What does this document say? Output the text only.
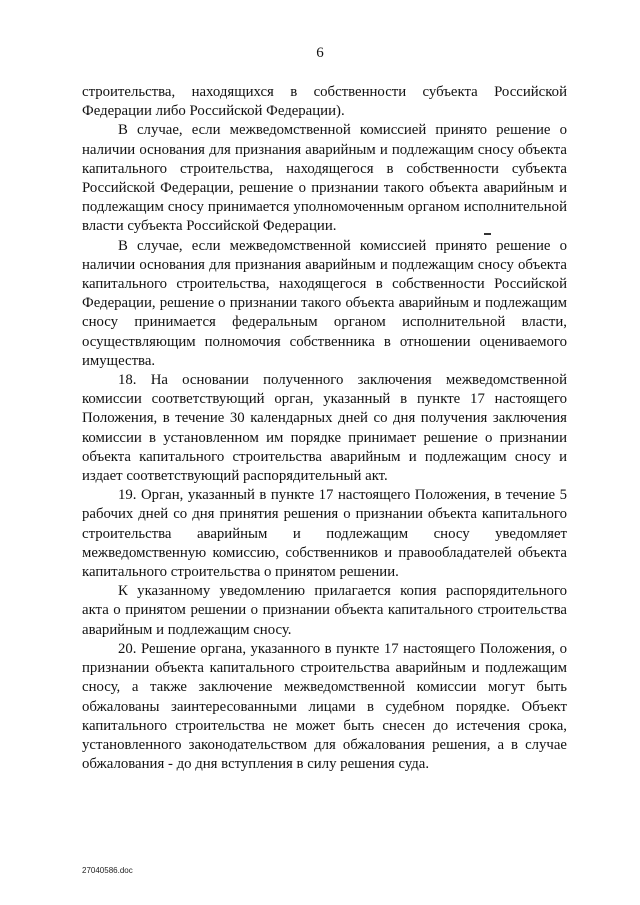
6

строительства, находящихся в собственности субъекта Российской Федерации либо Российской Федерации).

В случае, если межведомственной комиссией принято решение о наличии основания для признания аварийным и подлежащим сносу объекта капитального строительства, находящегося в собственности субъекта Российской Федерации, решение о признании такого объекта аварийным и подлежащим сносу принимается уполномоченным органом исполнительной власти субъекта Российской Федерации.

В случае, если межведомственной комиссией принято решение о наличии основания для признания аварийным и подлежащим сносу объекта капитального строительства, находящегося в собственности Российской Федерации, решение о признании такого объекта аварийным и подлежащим сносу принимается федеральным органом исполнительной власти, осуществляющим полномочия собственника в отношении оцениваемого имущества.

18. На основании полученного заключения межведомственной комиссии соответствующий орган, указанный в пункте 17 настоящего Положения, в течение 30 календарных дней со дня получения заключения комиссии в установленном им порядке принимает решение о признании объекта капитального строительства аварийным и подлежащим сносу и издает соответствующий распорядительный акт.

19. Орган, указанный в пункте 17 настоящего Положения, в течение 5 рабочих дней со дня принятия решения о признании объекта капитального строительства аварийным и подлежащим сносу уведомляет межведомственную комиссию, собственников и правообладателей объекта капитального строительства о принятом решении.

К указанному уведомлению прилагается копия распорядительного акта о принятом решении о признании объекта капитального строительства аварийным и подлежащим сносу.

20. Решение органа, указанного в пункте 17 настоящего Положения, о признании объекта капитального строительства аварийным и подлежащим сносу, а также заключение межведомственной комиссии могут быть обжалованы заинтересованными лицами в судебном порядке. Объект капитального строительства не может быть снесен до истечения срока, установленного законодательством для обжалования решения, а в случае обжалования - до дня вступления в силу решения суда.

27040586.doc
